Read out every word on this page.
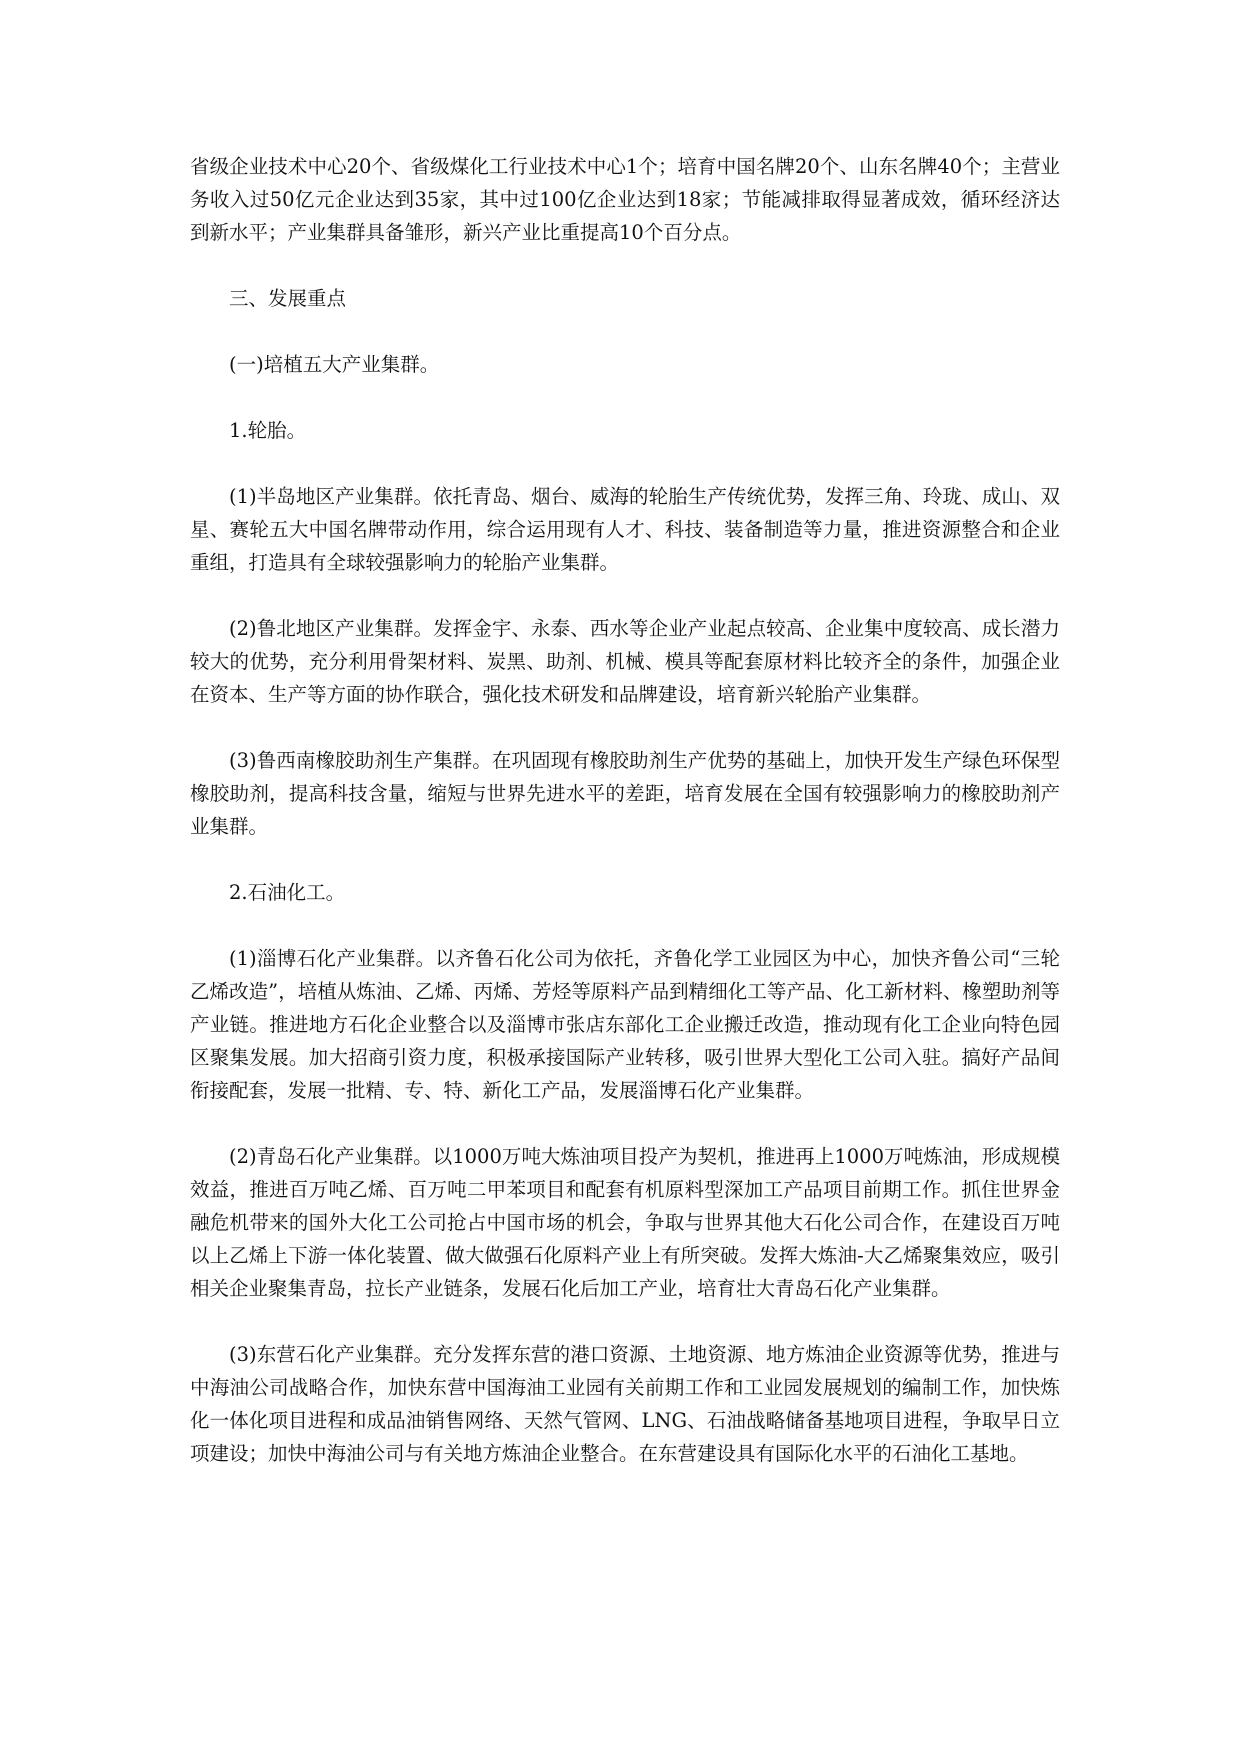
省级企业技术中心20个、省级煤化工行业技术中心1个；培育中国名牌20个、山东名牌40个；主营业务收入过50亿元企业达到35家，其中过100亿企业达到18家；节能减排取得显著成效，循环经济达到新水平；产业集群具备雏形，新兴产业比重提高10个百分点。

三、发展重点

(一)培植五大产业集群。

1.轮胎。

(1)半岛地区产业集群。依托青岛、烟台、威海的轮胎生产传统优势，发挥三角、玲珑、成山、双星、赛轮五大中国名牌带动作用，综合运用现有人才、科技、装备制造等力量，推进资源整合和企业重组，打造具有全球较强影响力的轮胎产业集群。

(2)鲁北地区产业集群。发挥金宇、永泰、西水等企业产业起点较高、企业集中度较高、成长潜力较大的优势，充分利用骨架材料、炭黑、助剂、机械、模具等配套原材料比较齐全的条件，加强企业在资本、生产等方面的协作联合，强化技术研发和品牌建设，培育新兴轮胎产业集群。

(3)鲁西南橡胶助剂生产集群。在巩固现有橡胶助剂生产优势的基础上，加快开发生产绿色环保型橡胶助剂，提高科技含量，缩短与世界先进水平的差距，培育发展在全国有较强影响力的橡胶助剂产业集群。

2.石油化工。

(1)淄博石化产业集群。以齐鲁石化公司为依托，齐鲁化学工业园区为中心，加快齐鲁公司“三轮乙烯改造”，培植从炼油、乙烯、丙烯、芳烃等原料产品到精细化工等产品、化工新材料、橡塑助剂等产业链。推进地方石化企业整合以及淄博市张店东部化工企业搬迁改造，推动现有化工企业向特色园区聚集发展。加大招商引资力度，积极承接国际产业转移，吸引世界大型化工公司入驻。搞好产品间衔接配套，发展一批精、专、特、新化工产品，发展淄博石化产业集群。

(2)青岛石化产业集群。以1000万吨大炼油项目投产为契机，推进再上1000万吨炼油，形成规模效益，推进百万吨乙烯、百万吨二甲苯项目和配套有机原料型深加工产品项目前期工作。抓住世界金融危机带来的国外大化工公司抢占中国市场的机会，争取与世界其他大石化公司合作，在建设百万吨以上乙烯上下游一体化装置、做大做强石化原料产业上有所突破。发挥大炼油-大乙烯聚集效应，吸引相关企业聚集青岛，拉长产业链条，发展石化后加工产业，培育壮大青岛石化产业集群。

(3)东营石化产业集群。充分发挥东营的港口资源、土地资源、地方炼油企业资源等优势，推进与中海油公司战略合作，加快东营中国海油工业园有关前期工作和工业园发展规划的编制工作，加快炼化一体化项目进程和成品油销售网络、天然气管网、LNG、石油战略储备基地项目进程，争取早日立项建设；加快中海油公司与有关地方炼油企业整合。在东营建设具有国际化水平的石油化工基地。
